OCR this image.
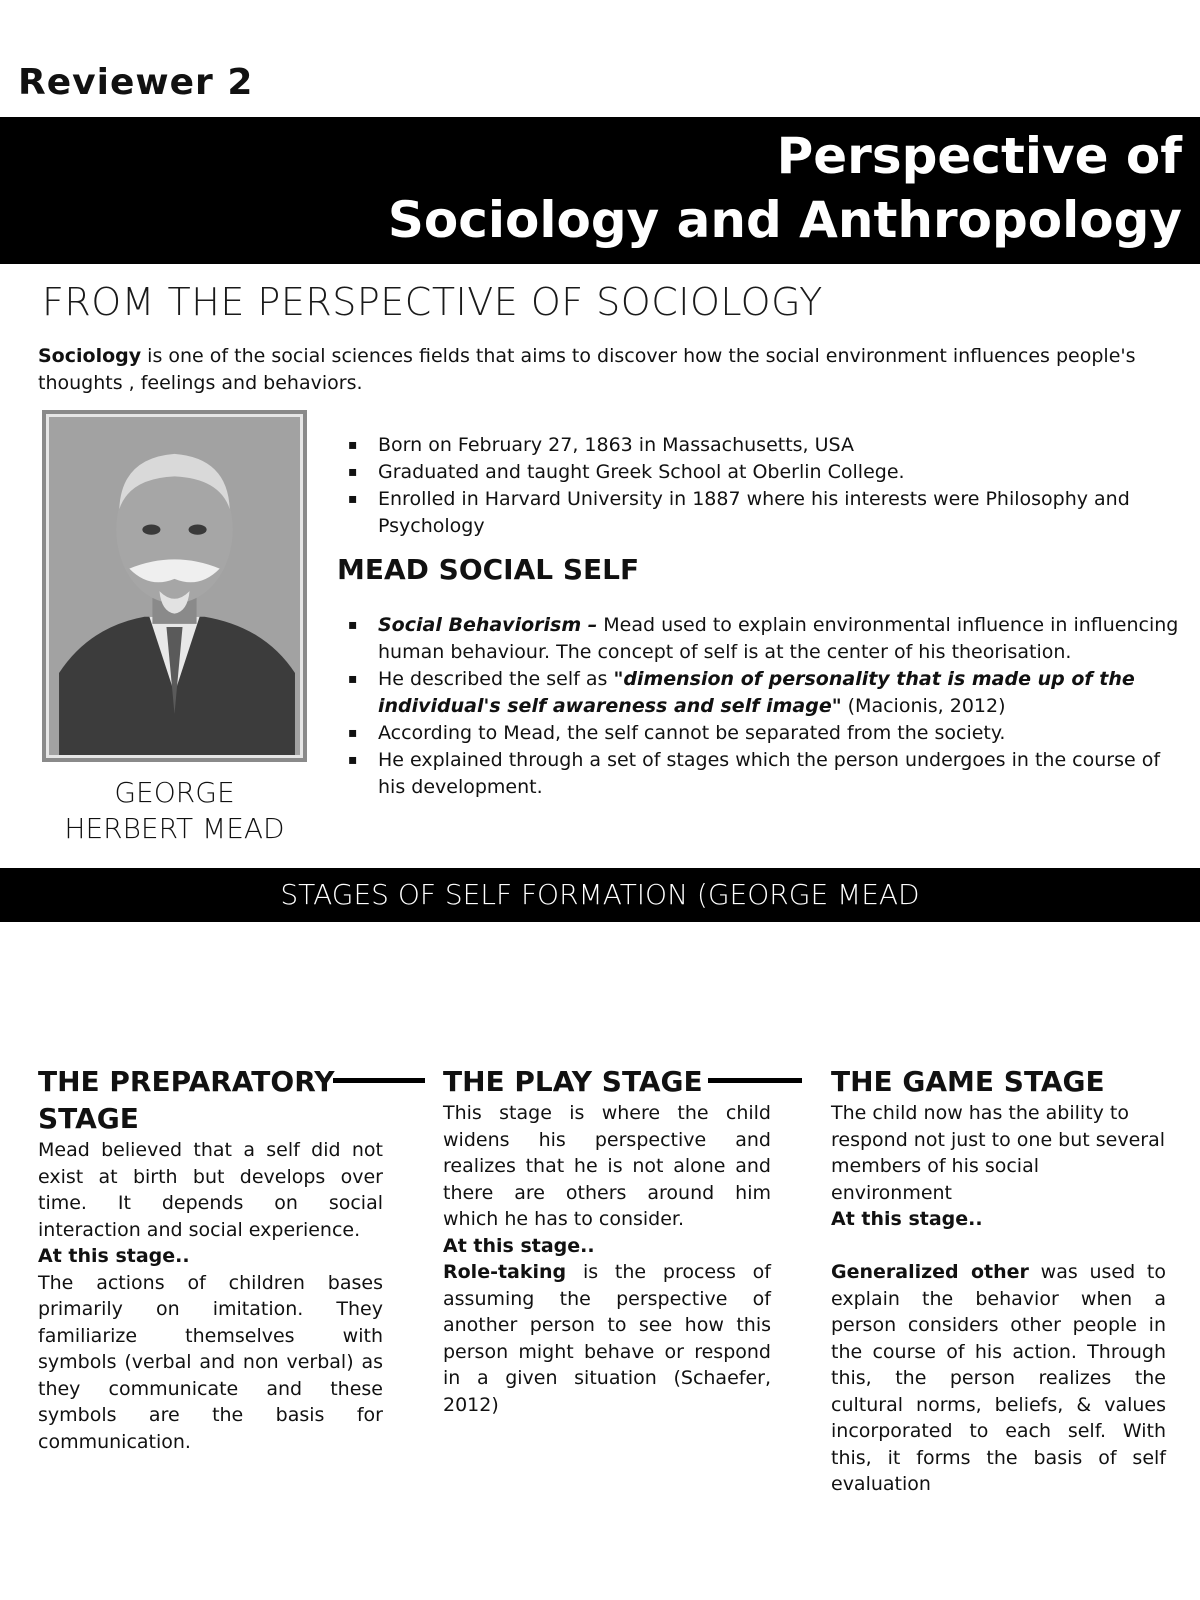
Reviewer 2
Perspective of
Sociology and Anthropology
FROM THE PERSPECTIVE OF SOCIOLOGY

Sociology is one of the social sciences fields that aims to discover how the social environment influences people's thoughts , feelings and behaviors.

GEORGE
HERBERT MEAD
▪ Born on February 27, 1863 in Massachusetts, USA
▪ Graduated and taught Greek School at Oberlin College.
▪ Enrolled in Harvard University in 1887 where his interests were Philosophy and Psychology
MEAD SOCIAL SELF
▪ Social Behaviorism – Mead used to explain environmental influence in influencing human behaviour. The concept of self is at the center of his theorisation.
▪ He described the self as "dimension of personality that is made up of the individual's self awareness and self image" (Macionis, 2012)
▪ According to Mead, the self cannot be separated from the society.
▪ He explained through a set of stages which the person undergoes in the course of his development.
STAGES OF SELF FORMATION (GEORGE MEAD
THE PREPARATORY
STAGE

Mead believed that a self did not exist at birth but develops over time. It depends on social interaction and social experience.

At this stage..

The actions of children bases primarily on imitation. They familiarize themselves with symbols (verbal and non verbal) as they communicate and these symbols are the basis for communication.

THE PLAY STAGE

This stage is where the child widens his perspective and realizes that he is not alone and there are others around him which he has to consider.

At this stage..

Role-taking is the process of assuming the perspective of another person to see how this person might behave or respond in a given situation (Schaefer, 2012)

THE GAME STAGE

The child now has the ability to respond not just to one but several members of his social environment

At this stage..

Generalized other was used to explain the behavior when a person considers other people in the course of his action. Through this, the person realizes the cultural norms, beliefs, & values incorporated to each self. With this, it forms the basis of self evaluation
